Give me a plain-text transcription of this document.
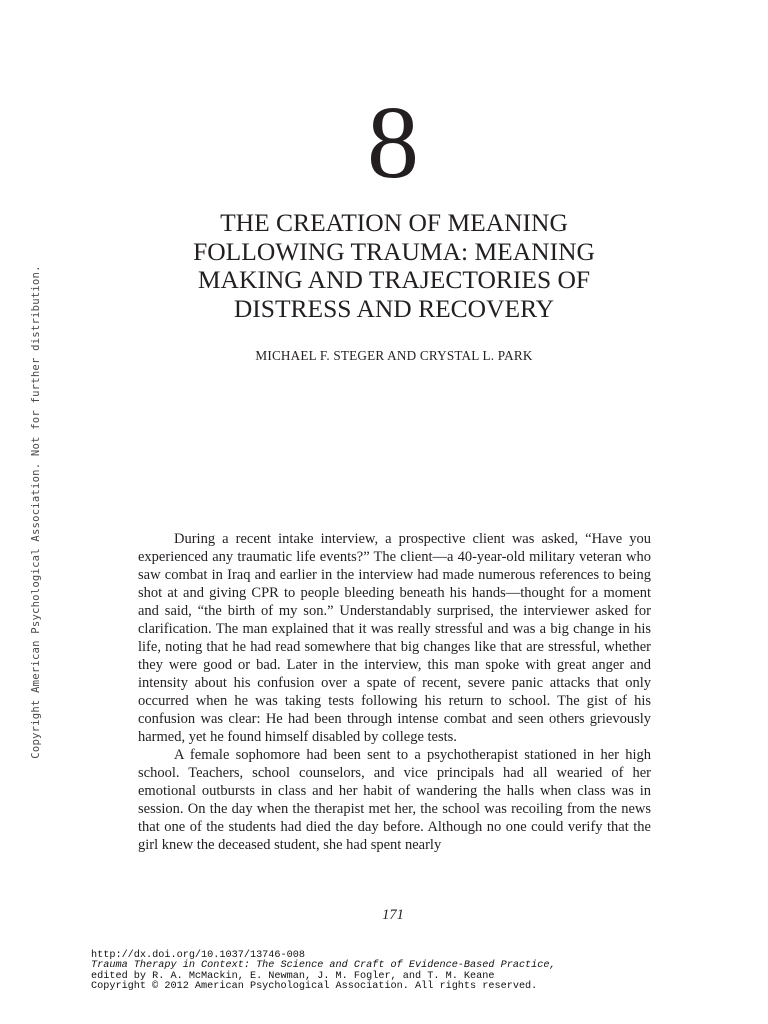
Copyright American Psychological Association. Not for further distribution.
8
THE CREATION OF MEANING
FOLLOWING TRAUMA: MEANING
MAKING AND TRAJECTORIES OF
DISTRESS AND RECOVERY
MICHAEL F. STEGER AND CRYSTAL L. PARK

During a recent intake interview, a prospective client was asked, “Have you experienced any traumatic life events?” The client—a 40-year-old military veteran who saw combat in Iraq and earlier in the interview had made numerous references to being shot at and giving CPR to people bleeding beneath his hands—thought for a moment and said, “the birth of my son.” Understandably surprised, the interviewer asked for clarification. The man explained that it was really stressful and was a big change in his life, noting that he had read somewhere that big changes like that are stressful, whether they were good or bad. Later in the interview, this man spoke with great anger and intensity about his confusion over a spate of recent, severe panic attacks that only occurred when he was taking tests following his return to school. The gist of his confusion was clear: He had been through intense combat and seen others grievously harmed, yet he found himself disabled by college tests.

A female sophomore had been sent to a psychotherapist stationed in her high school. Teachers, school counselors, and vice principals had all wearied of her emotional outbursts in class and her habit of wandering the halls when class was in session. On the day when the therapist met her, the school was recoiling from the news that one of the students had died the day before. Although no one could verify that the girl knew the deceased student, she had spent nearly

171
http://dx.doi.org/10.1037/13746-008
Trauma Therapy in Context: The Science and Craft of Evidence-Based Practice,
edited by R. A. McMackin, E. Newman, J. M. Fogler, and T. M. Keane
Copyright © 2012 American Psychological Association. All rights reserved.
